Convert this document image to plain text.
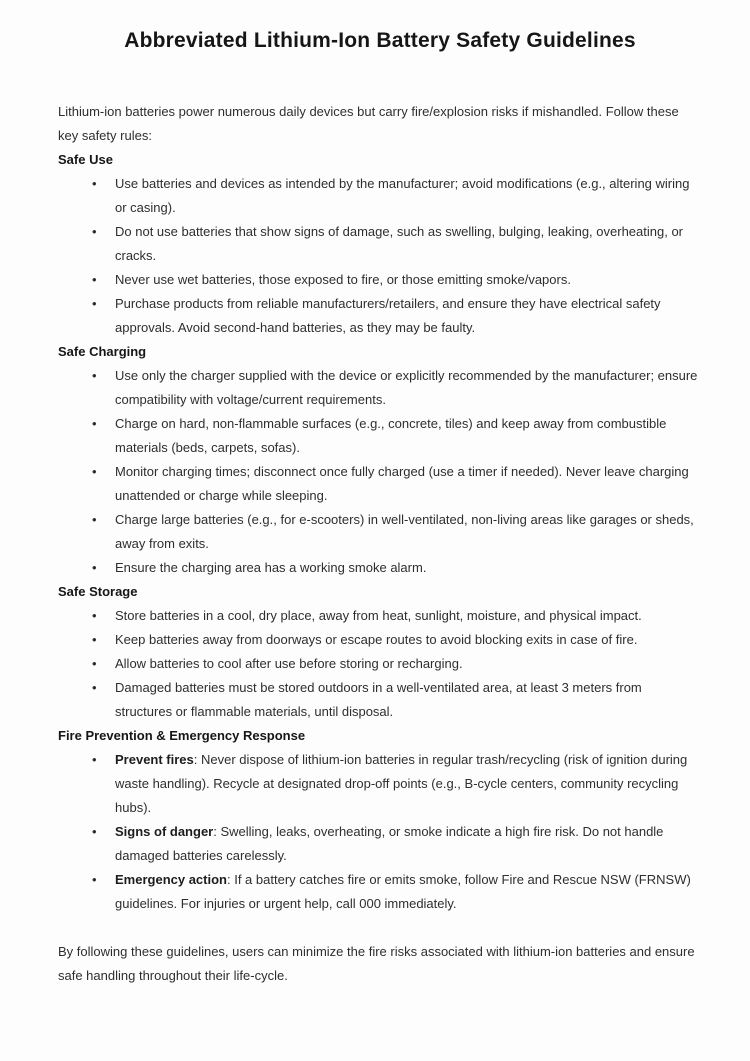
Abbreviated Lithium-Ion Battery Safety Guidelines

Lithium-ion batteries power numerous daily devices but carry fire/explosion risks if mishandled. Follow these key safety rules:

Safe Use
•	Use batteries and devices as intended by the manufacturer; avoid modifications (e.g., altering wiring or casing).
•	Do not use batteries that show signs of damage, such as swelling, bulging, leaking, overheating, or cracks.
•	Never use wet batteries, those exposed to fire, or those emitting smoke/vapors.
•	Purchase products from reliable manufacturers/retailers, and ensure they have electrical safety approvals. Avoid second-hand batteries, as they may be faulty.
Safe Charging
•	Use only the charger supplied with the device or explicitly recommended by the manufacturer; ensure compatibility with voltage/current requirements.
•	Charge on hard, non-flammable surfaces (e.g., concrete, tiles) and keep away from combustible materials (beds, carpets, sofas).
•	Monitor charging times; disconnect once fully charged (use a timer if needed). Never leave charging unattended or charge while sleeping.
•	Charge large batteries (e.g., for e-scooters) in well-ventilated, non-living areas like garages or sheds, away from exits.
•	Ensure the charging area has a working smoke alarm.
Safe Storage
•	Store batteries in a cool, dry place, away from heat, sunlight, moisture, and physical impact.
•	Keep batteries away from doorways or escape routes to avoid blocking exits in case of fire.
•	Allow batteries to cool after use before storing or recharging.
•	Damaged batteries must be stored outdoors in a well-ventilated area, at least 3 meters from structures or flammable materials, until disposal.
Fire Prevention & Emergency Response
•	Prevent fires: Never dispose of lithium-ion batteries in regular trash/recycling (risk of ignition during waste handling). Recycle at designated drop-off points (e.g., B-cycle centers, community recycling hubs).
•	Signs of danger: Swelling, leaks, overheating, or smoke indicate a high fire risk. Do not handle damaged batteries carelessly.
•	Emergency action: If a battery catches fire or emits smoke, follow Fire and Rescue NSW (FRNSW) guidelines. For injuries or urgent help, call 000 immediately.

By following these guidelines, users can minimize the fire risks associated with lithium-ion batteries and ensure safe handling throughout their life-cycle.
